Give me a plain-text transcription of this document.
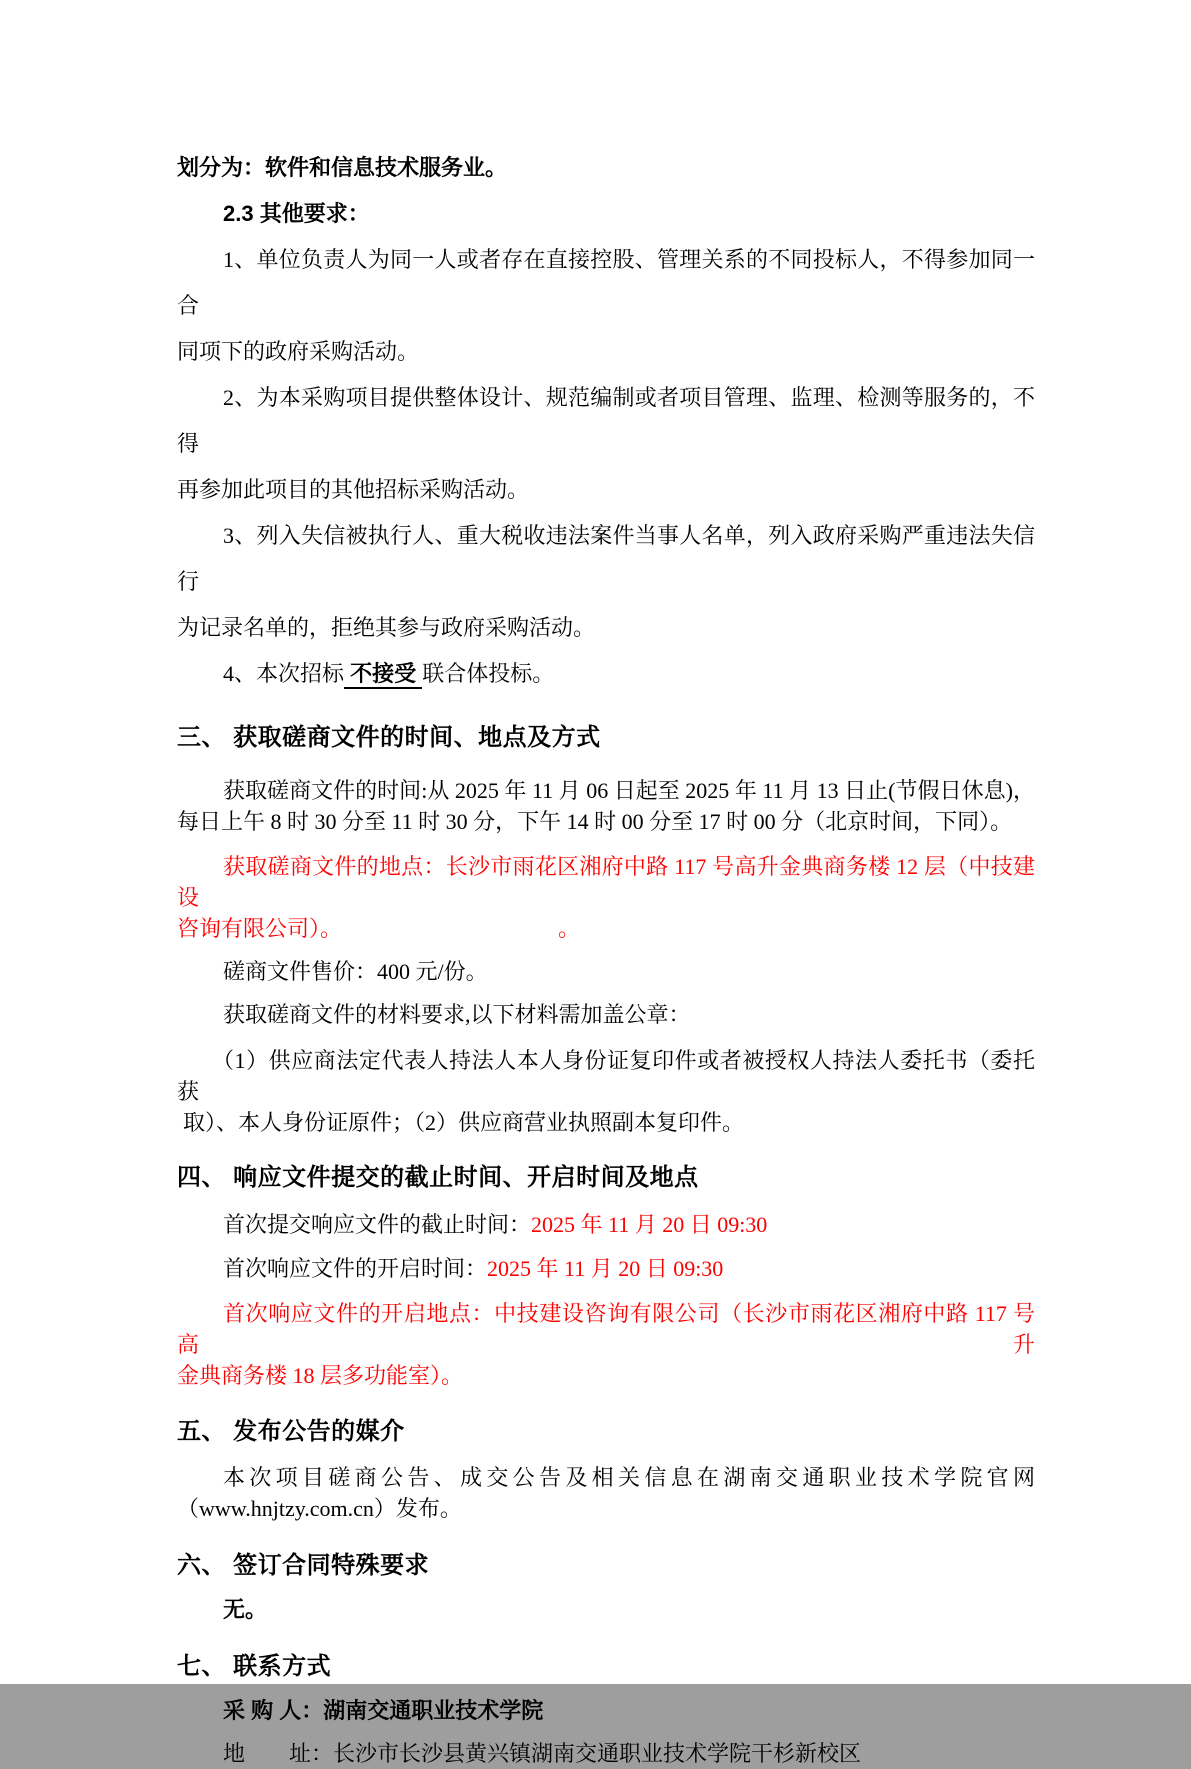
划分为：软件和信息技术服务业。
2.3 其他要求：
1、单位负责人为同一人或者存在直接控股、管理关系的不同投标人，不得参加同一合
同项下的政府采购活动。
2、为本采购项目提供整体设计、规范编制或者项目管理、监理、检测等服务的，不得
再参加此项目的其他招标采购活动。
3、列入失信被执行人、重大税收违法案件当事人名单，列入政府采购严重违法失信行
为记录名单的，拒绝其参与政府采购活动。
4、本次招标 不接受 联合体投标。
三、 获取磋商文件的时间、地点及方式
获取磋商文件的时间:从 2025 年 11 月 06 日起至 2025 年 11 月 13 日止(节假日休息)，
每日上午 8 时 30 分至 11 时 30 分，下午 14 时 00 分至 17 时 00 分（北京时间，下同）。
获取磋商文件的地点：长沙市雨花区湘府中路 117 号高升金典商务楼 12 层（中技建设
咨询有限公司）。	。
磋商文件售价：400 元/份。
获取磋商文件的材料要求,以下材料需加盖公章：
（1）供应商法定代表人持法人本人身份证复印件或者被授权人持法人委托书（委托获
取）、本人身份证原件；（2）供应商营业执照副本复印件。
四、 响应文件提交的截止时间、开启时间及地点
首次提交响应文件的截止时间：2025 年 11 月 20 日 09:30
首次响应文件的开启时间：2025 年 11 月 20 日 09:30
首次响应文件的开启地点：中技建设咨询有限公司（长沙市雨花区湘府中路 117 号高升
金典商务楼 18 层多功能室）。
五、 发布公告的媒介
本次项目磋商公告、成交公告及相关信息在湖南交通职业技术学院官网
（www.hnjtzy.com.cn）发布。
六、 签订合同特殊要求
无。
七、 联系方式
采 购 人：湖南交通职业技术学院
地　　址：长沙市长沙县黄兴镇湖南交通职业技术学院干杉新校区
